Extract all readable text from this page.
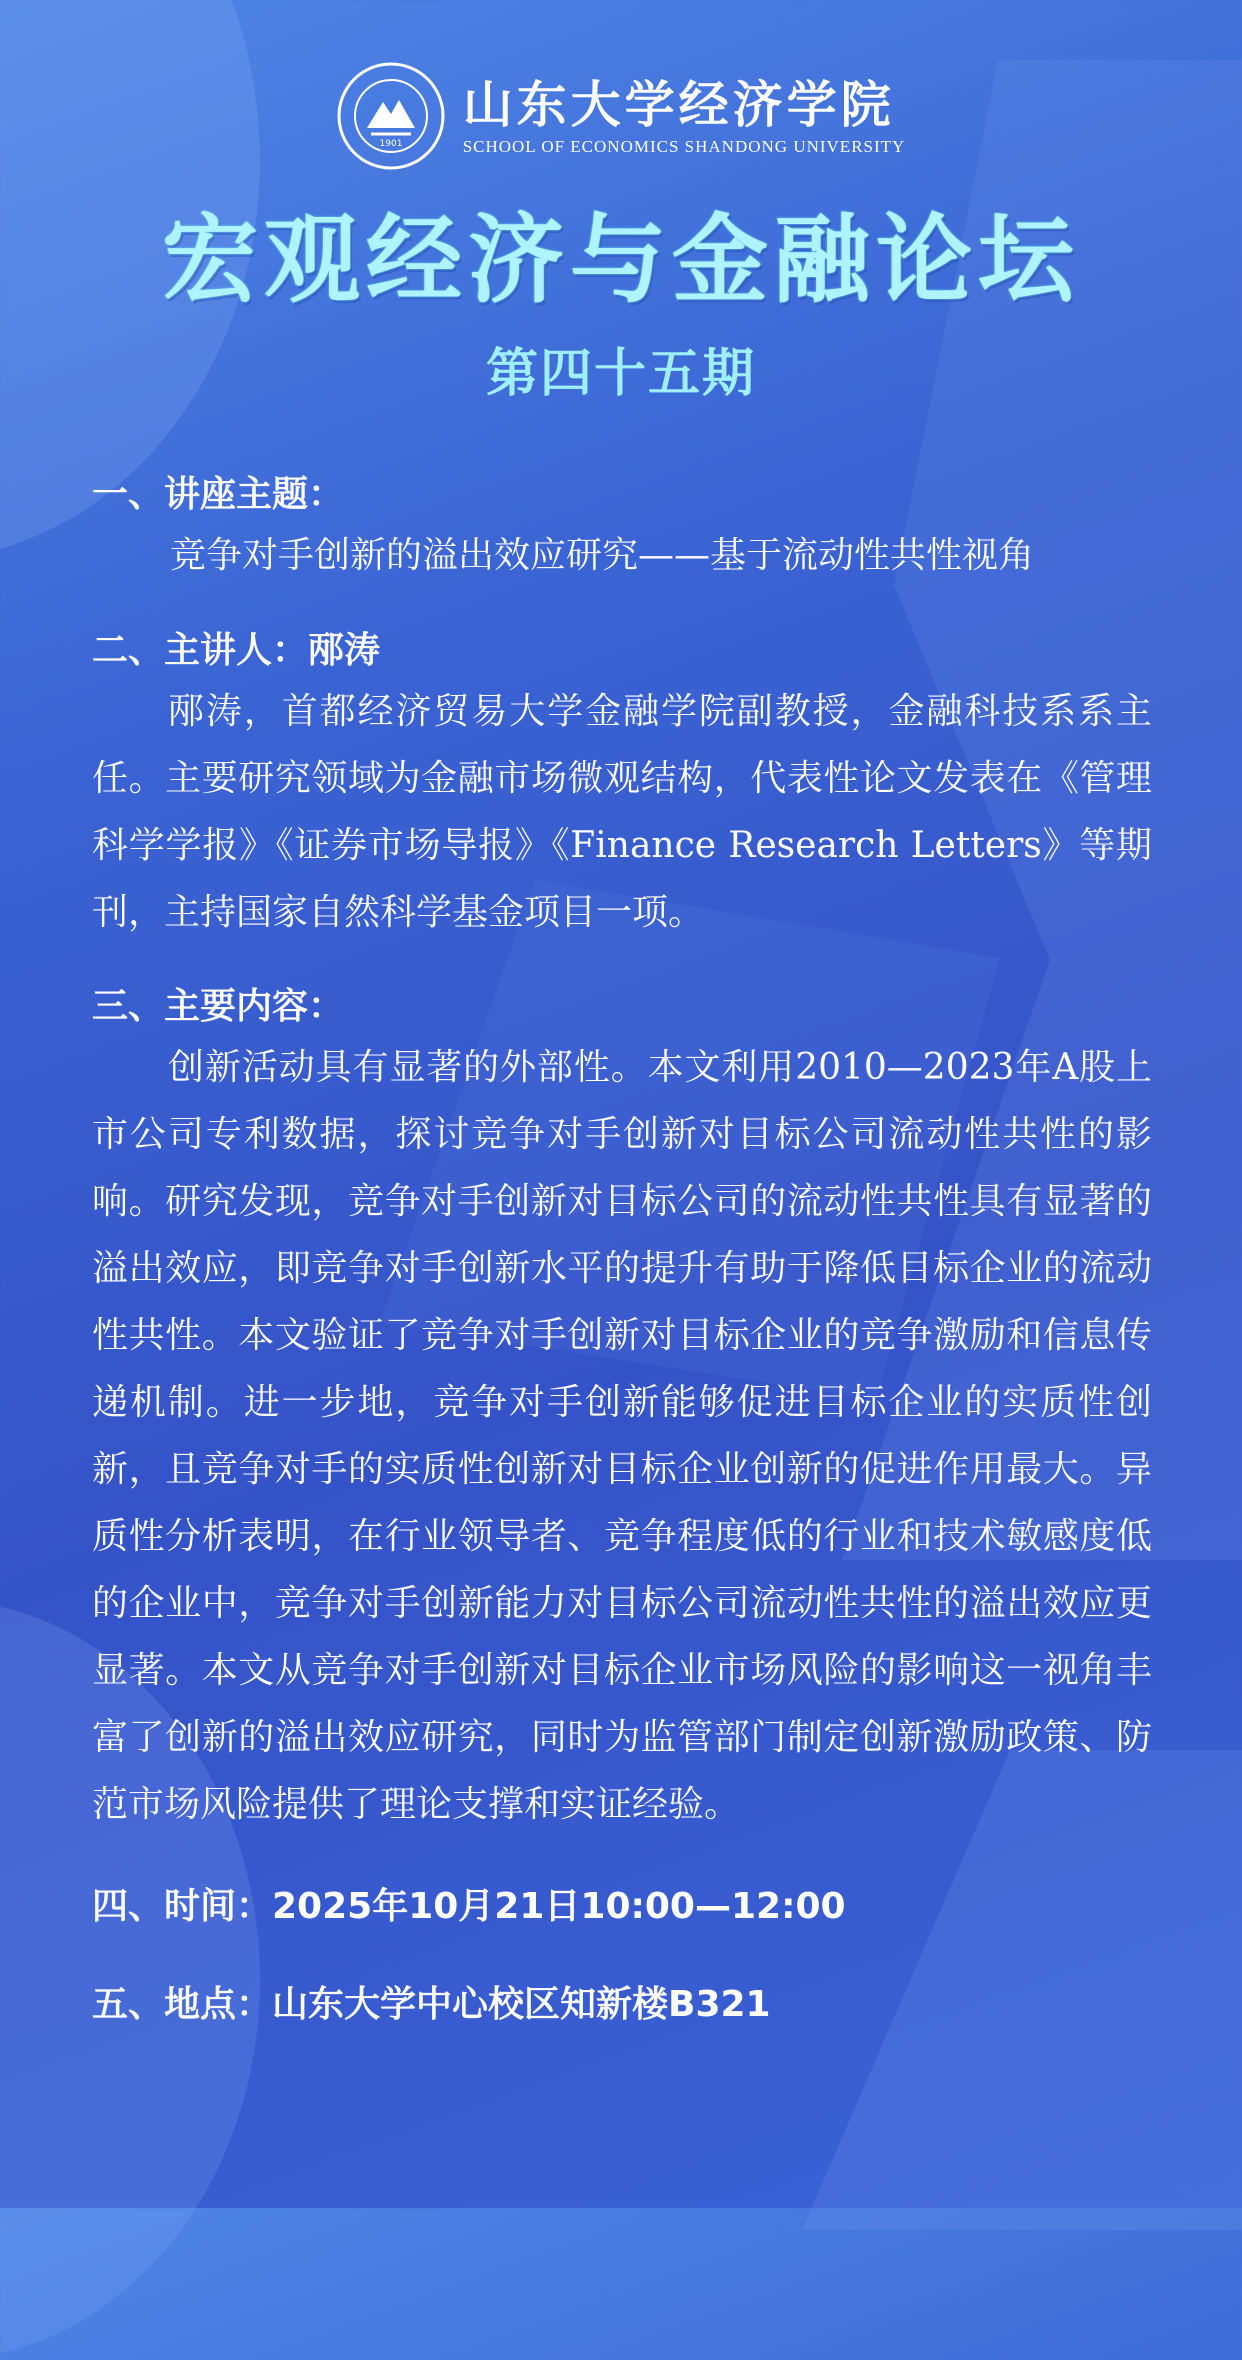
1901
山东大学经济学院
SCHOOL OF ECONOMICS SHANDONG UNIVERSITY
宏观经济与金融论坛
第四十五期

一、讲座主题：

竞争对手创新的溢出效应研究——基于流动性共性视角

二、主讲人：邴涛

邴涛，首都经济贸易大学金融学院副教授，金融科技系系主任。主要研究领域为金融市场微观结构，代表性论文发表在《管理科学学报》《证券市场导报》《Finance Research Letters》等期刊，主持国家自然科学基金项目一项。

三、主要内容：

创新活动具有显著的外部性。本文利用2010—2023年A股上市公司专利数据，探讨竞争对手创新对目标公司流动性共性的影响。研究发现，竞争对手创新对目标公司的流动性共性具有显著的溢出效应，即竞争对手创新水平的提升有助于降低目标企业的流动性共性。本文验证了竞争对手创新对目标企业的竞争激励和信息传递机制。进一步地，竞争对手创新能够促进目标企业的实质性创新，且竞争对手的实质性创新对目标企业创新的促进作用最大。异质性分析表明，在行业领导者、竞争程度低的行业和技术敏感度低的企业中，竞争对手创新能力对目标公司流动性共性的溢出效应更显著。本文从竞争对手创新对目标企业市场风险的影响这一视角丰富了创新的溢出效应研究，同时为监管部门制定创新激励政策、防范市场风险提供了理论支撑和实证经验。

四、时间：2025年10月21日10:00—12:00

五、地点：山东大学中心校区知新楼B321
